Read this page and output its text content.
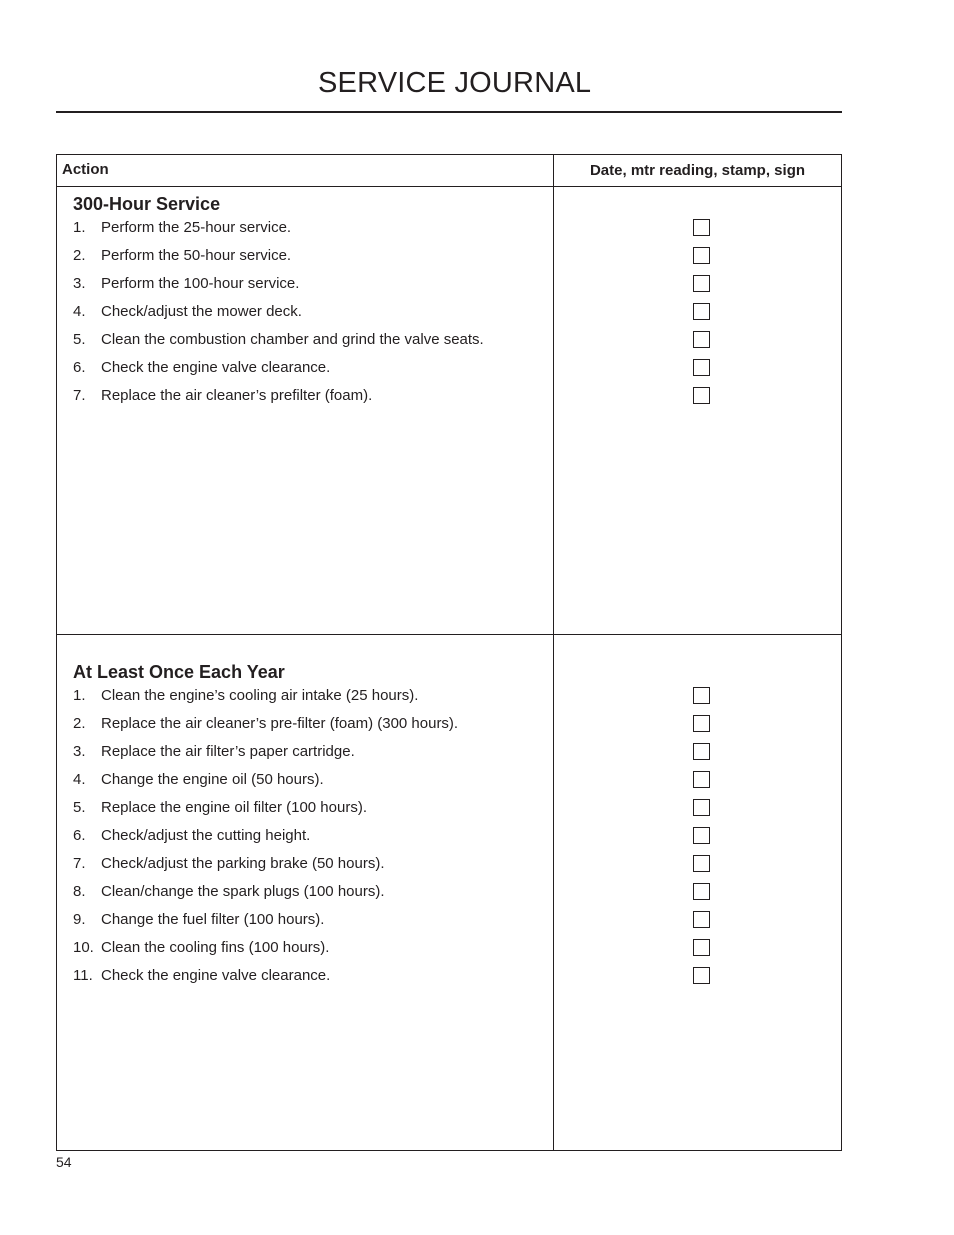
SERVICE JOURNAL
Action	Date, mtr reading, stamp, sign
300-Hour Service
1.	Perform the 25-hour service.
2.	Perform the 50-hour service.
3.	Perform the 100-hour service.
4.	Check/adjust the mower deck.
5.	Clean the combustion chamber and grind the valve seats.
6.	Check the engine valve clearance.
7.	Replace the air cleaner’s prefilter (foam).
At Least Once Each Year
1.	Clean the engine’s cooling air intake (25 hours).
2.	Replace the air cleaner’s pre-filter (foam) (300 hours).
3.	Replace the air filter’s paper cartridge.
4.	Change the engine oil (50 hours).
5.	Replace the engine oil filter (100 hours).
6.	Check/adjust the cutting height.
7.	Check/adjust the parking brake (50 hours).
8.	Clean/change the spark plugs (100 hours).
9.	Change the fuel filter (100 hours).
10. Clean the cooling fins (100 hours).
11. Check the engine valve clearance.
54
